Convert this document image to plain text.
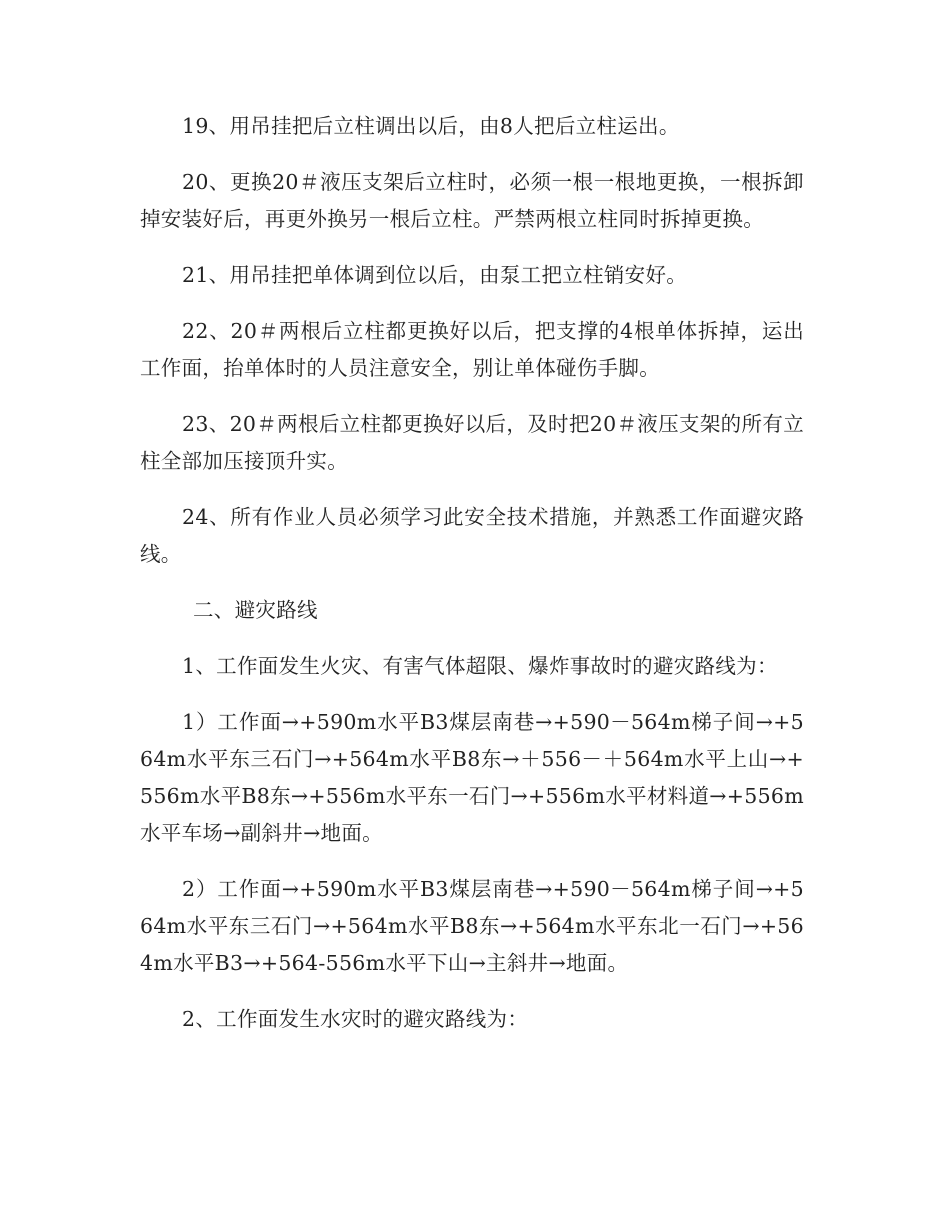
19、用吊挂把后立柱调出以后，由8人把后立柱运出。

20、更换20＃液压支架后立柱时，必须一根一根地更换，一根拆卸掉安装好后，再更外换另一根后立柱。严禁两根立柱同时拆掉更换。

21、用吊挂把单体调到位以后，由泵工把立柱销安好。

22、20＃两根后立柱都更换好以后，把支撑的4根单体拆掉，运出工作面，抬单体时的人员注意安全，别让单体碰伤手脚。

23、20＃两根后立柱都更换好以后，及时把20＃液压支架的所有立柱全部加压接顶升实。

24、所有作业人员必须学习此安全技术措施，并熟悉工作面避灾路线。

二、避灾路线

1、工作面发生火灾、有害气体超限、爆炸事故时的避灾路线为：

1）工作面→+590m水平B3煤层南巷→+590－564m梯子间→+564m水平东三石门→+564m水平B8东→＋556－＋564m水平上山→+556m水平B8东→+556m水平东一石门→+556m水平材料道→+556m水平车场→副斜井→地面。

2）工作面→+590m水平B3煤层南巷→+590－564m梯子间→+564m水平东三石门→+564m水平B8东→+564m水平东北一石门→+564m水平B3→+564-556m水平下山→主斜井→地面。

2、工作面发生水灾时的避灾路线为：
